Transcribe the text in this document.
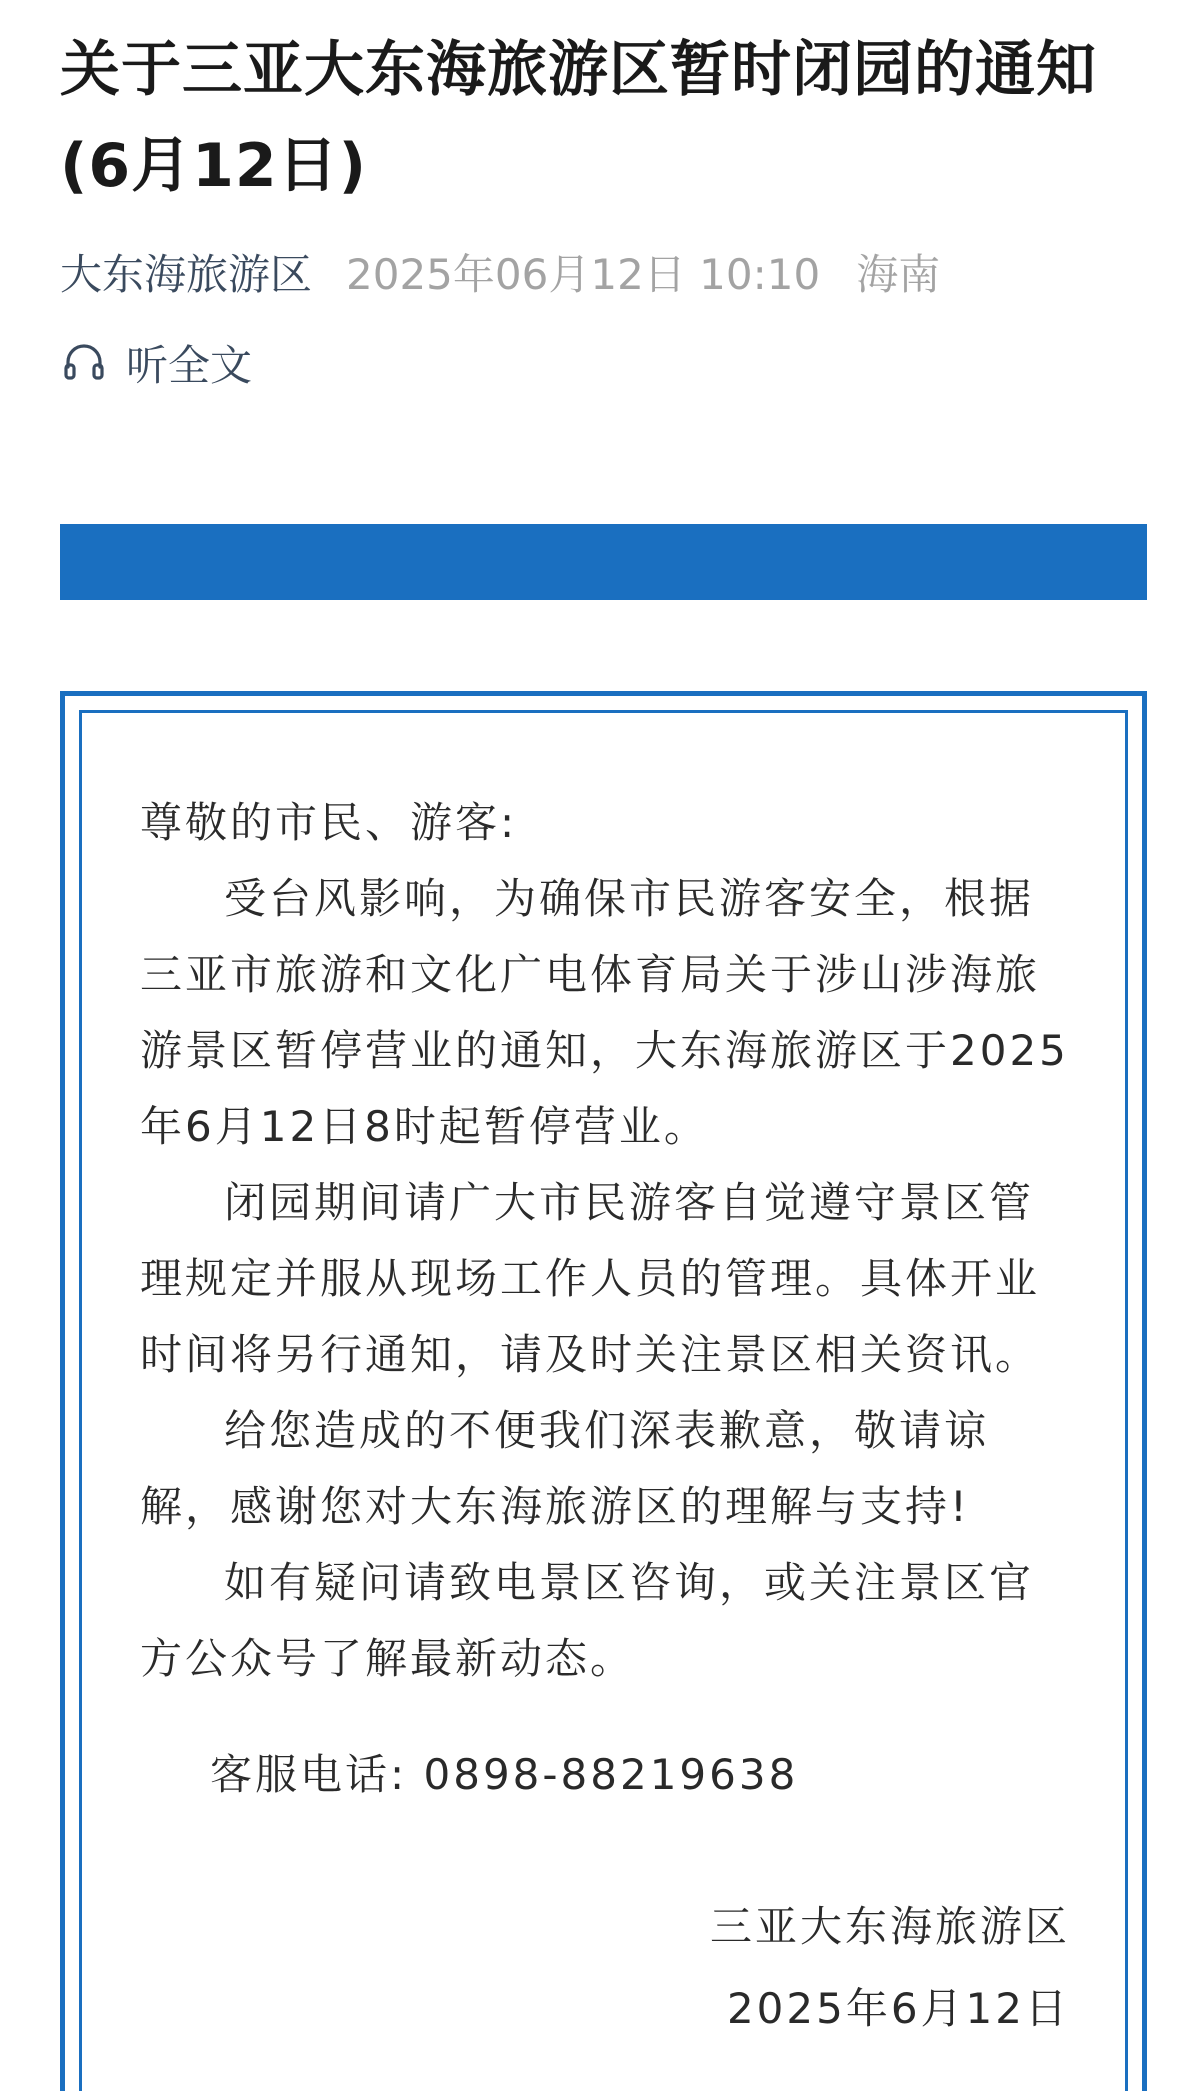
关于三亚大东海旅游区暂时闭园的通知(6月12日)
大东海旅游区 2025年06月12日 10:10 海南
听全文

尊敬的市民、游客:

受台风影响，为确保市民游客安全，根据三亚市旅游和文化广电体育局关于涉山涉海旅游景区暂停营业的通知，大东海旅游区于2025年6月12日8时起暂停营业。

闭园期间请广大市民游客自觉遵守景区管理规定并服从现场工作人员的管理。具体开业时间将另行通知，请及时关注景区相关资讯。

给您造成的不便我们深表歉意，敬请谅解，感谢您对大东海旅游区的理解与支持!

如有疑问请致电景区咨询，或关注景区官方公众号了解最新动态。

客服电话: 0898-88219638

三亚大东海旅游区

2025年6月12日
